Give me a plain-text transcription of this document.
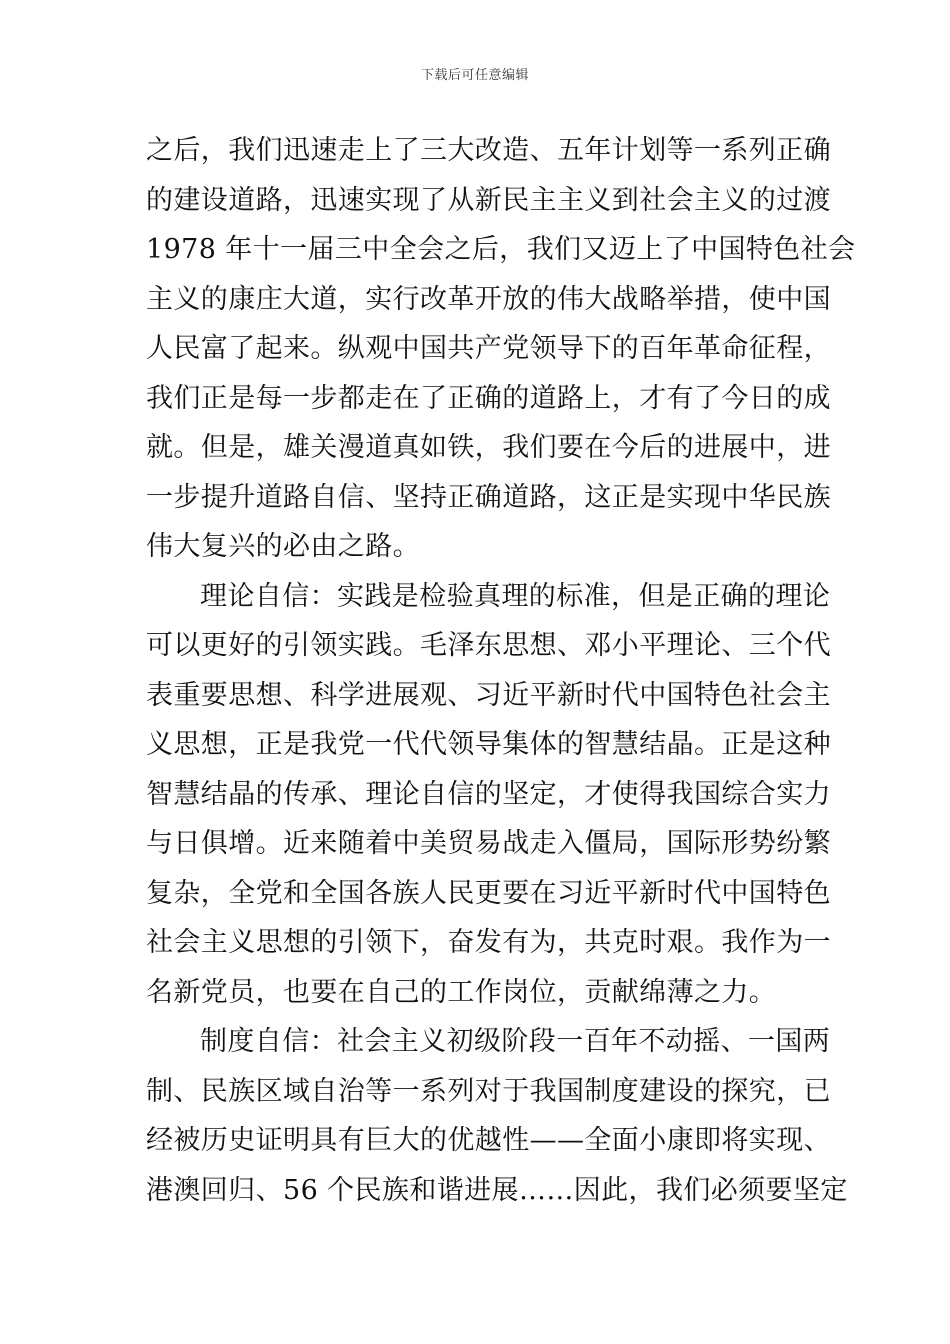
下载后可任意编辑
之后，我们迅速走上了三大改造、五年计划等一系列正确
的建设道路，迅速实现了从新民主主义到社会主义的过渡
1978 年十一届三中全会之后，我们又迈上了中国特色社会
主义的康庄大道，实行改革开放的伟大战略举措，使中国
人民富了起来。纵观中国共产党领导下的百年革命征程，
我们正是每一步都走在了正确的道路上，才有了今日的成
就。但是，雄关漫道真如铁，我们要在今后的进展中，进
一步提升道路自信、坚持正确道路，这正是实现中华民族
伟大复兴的必由之路。
理论自信：实践是检验真理的标准，但是正确的理论
可以更好的引领实践。毛泽东思想、邓小平理论、三个代
表重要思想、科学进展观、习近平新时代中国特色社会主
义思想，正是我党一代代领导集体的智慧结晶。正是这种
智慧结晶的传承、理论自信的坚定，才使得我国综合实力
与日俱增。近来随着中美贸易战走入僵局，国际形势纷繁
复杂，全党和全国各族人民更要在习近平新时代中国特色
社会主义思想的引领下，奋发有为，共克时艰。我作为一
名新党员，也要在自己的工作岗位，贡献绵薄之力。
制度自信：社会主义初级阶段一百年不动摇、一国两
制、民族区域自治等一系列对于我国制度建设的探究，已
经被历史证明具有巨大的优越性——全面小康即将实现、
港澳回归、56 个民族和谐进展……因此，我们必须要坚定
